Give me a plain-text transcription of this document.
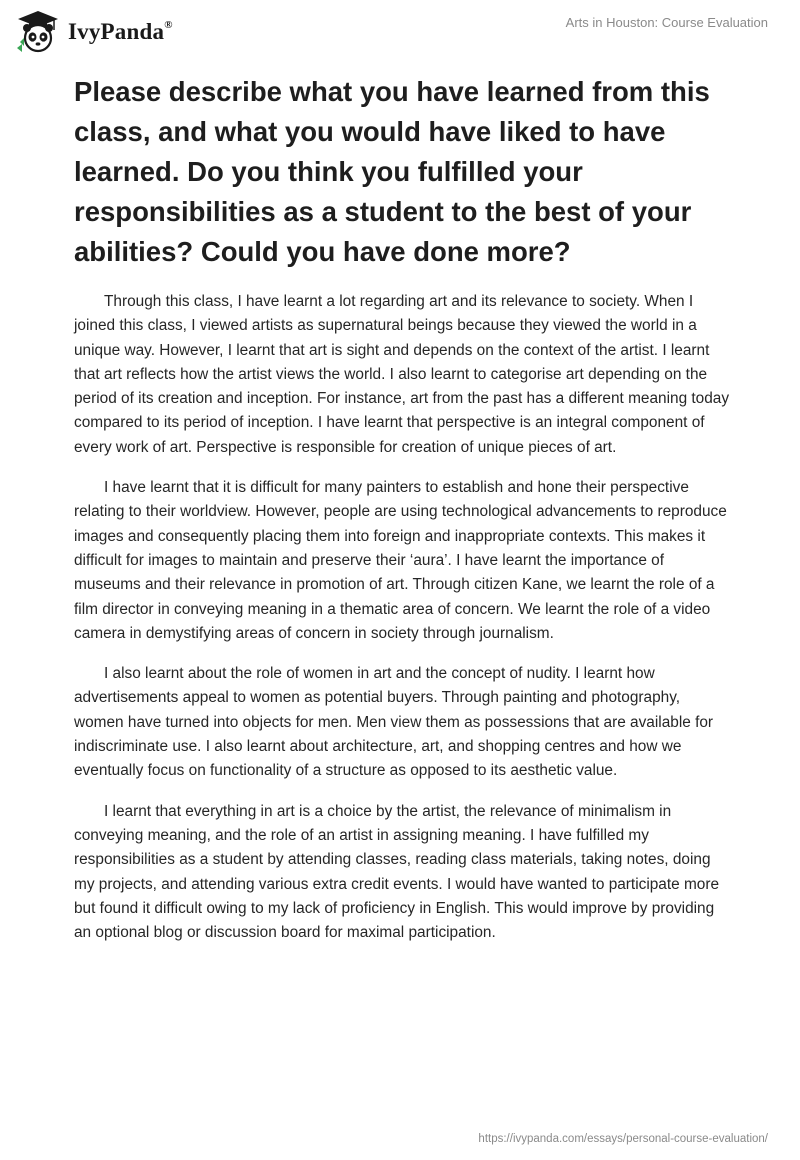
IvyPanda®	Arts in Houston: Course Evaluation
Please describe what you have learned from this class, and what you would have liked to have learned. Do you think you fulfilled your responsibilities as a student to the best of your abilities? Could you have done more?

Through this class, I have learnt a lot regarding art and its relevance to society. When I joined this class, I viewed artists as supernatural beings because they viewed the world in a unique way. However, I learnt that art is sight and depends on the context of the artist. I learnt that art reflects how the artist views the world. I also learnt to categorise art depending on the period of its creation and inception. For instance, art from the past has a different meaning today compared to its period of inception. I have learnt that perspective is an integral component of every work of art. Perspective is responsible for creation of unique pieces of art.

I have learnt that it is difficult for many painters to establish and hone their perspective relating to their worldview. However, people are using technological advancements to reproduce images and consequently placing them into foreign and inappropriate contexts. This makes it difficult for images to maintain and preserve their ‘aura’. I have learnt the importance of museums and their relevance in promotion of art. Through citizen Kane, we learnt the role of a film director in conveying meaning in a thematic area of concern. We learnt the role of a video camera in demystifying areas of concern in society through journalism.

I also learnt about the role of women in art and the concept of nudity. I learnt how advertisements appeal to women as potential buyers. Through painting and photography, women have turned into objects for men. Men view them as possessions that are available for indiscriminate use. I also learnt about architecture, art, and shopping centres and how we eventually focus on functionality of a structure as opposed to its aesthetic value.

I learnt that everything in art is a choice by the artist, the relevance of minimalism in conveying meaning, and the role of an artist in assigning meaning. I have fulfilled my responsibilities as a student by attending classes, reading class materials, taking notes, doing my projects, and attending various extra credit events. I would have wanted to participate more but found it difficult owing to my lack of proficiency in English. This would improve by providing an optional blog or discussion board for maximal participation.

https://ivypanda.com/essays/personal-course-evaluation/
